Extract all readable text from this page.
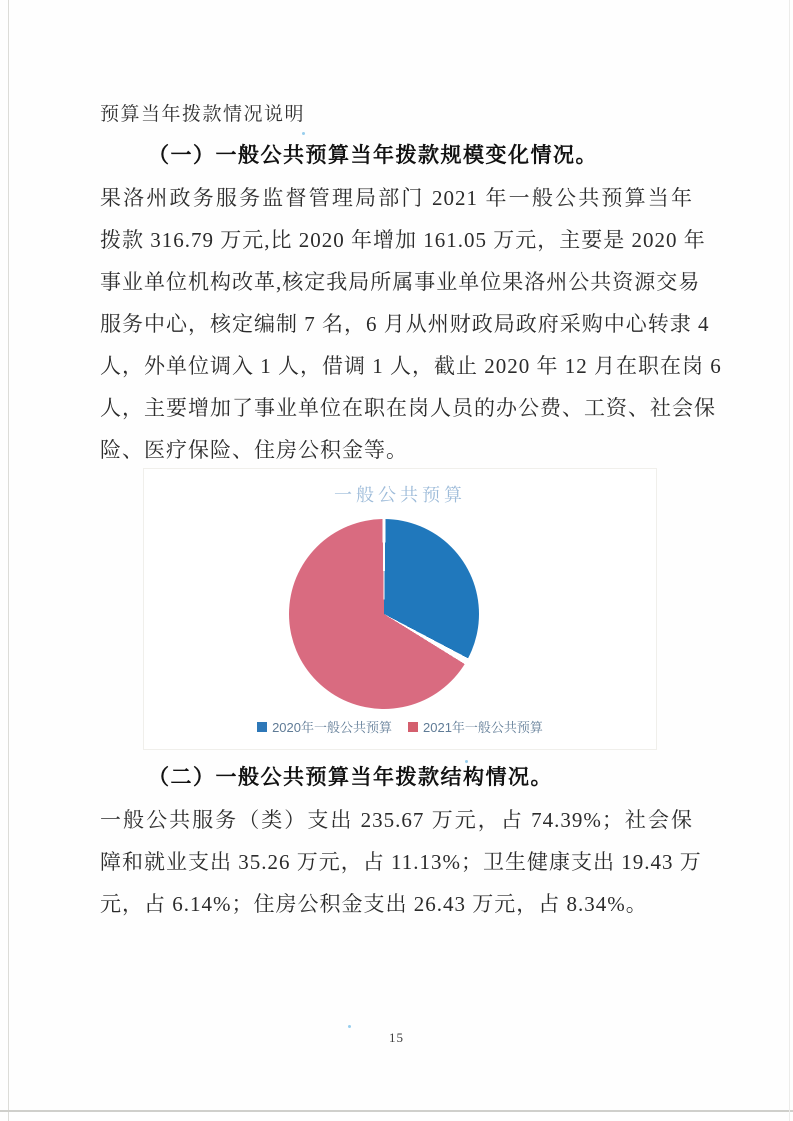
预算当年拨款情况说明
（一）一般公共预算当年拨款规模变化情况。
果洛州政务服务监督管理局部门 2021 年一般公共预算当年
拨款 316.79 万元,比 2020 年增加 161.05 万元，主要是 2020 年
事业单位机构改革,核定我局所属事业单位果洛州公共资源交易
服务中心，核定编制 7 名，6 月从州财政局政府采购中心转隶 4
人，外单位调入 1 人，借调 1 人，截止 2020 年 12 月在职在岗 6
人，主要增加了事业单位在职在岗人员的办公费、工资、社会保
险、医疗保险、住房公积金等。
一般公共预算
2020年一般公共预算 2021年一般公共预算
（二）一般公共预算当年拨款结构情况。
一般公共服务（类）支出 235.67 万元，占 74.39%；社会保
障和就业支出 35.26 万元，占 11.13%；卫生健康支出 19.43 万
元，占 6.14%；住房公积金支出 26.43 万元，占 8.34%。
15
